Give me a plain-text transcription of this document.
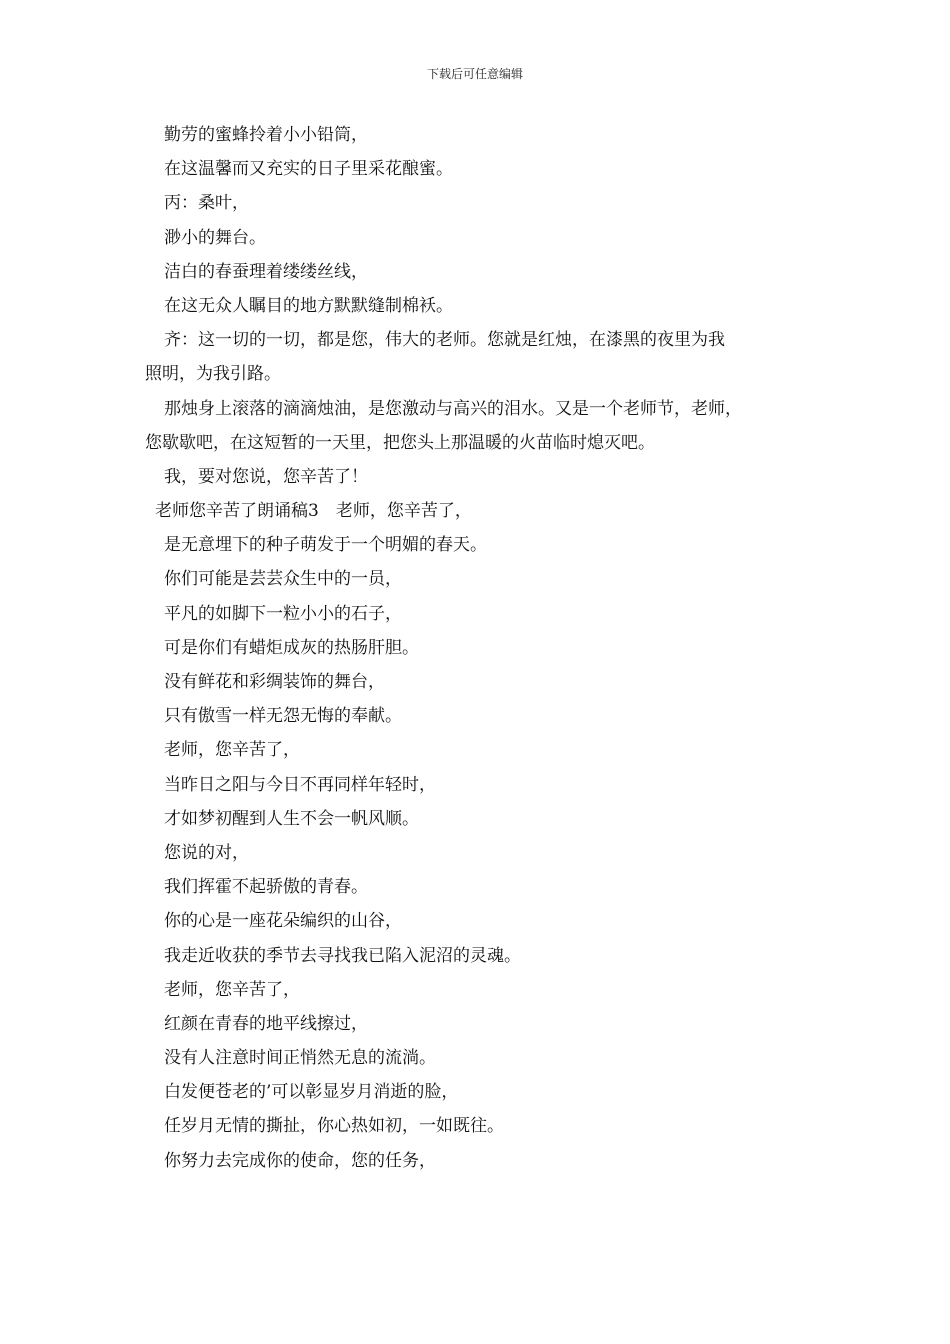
下载后可任意编辑
勤劳的蜜蜂拎着小小铅筒，
在这温馨而又充实的日子里采花酿蜜。
丙：桑叶，
渺小的舞台。
洁白的春蚕理着缕缕丝线，
在这无众人瞩目的地方默默缝制棉袄。
齐：这一切的一切，都是您，伟大的老师。您就是红烛，在漆黑的夜里为我
照明，为我引路。
那烛身上滚落的滴滴烛油，是您激动与高兴的泪水。又是一个老师节，老师，
您歇歇吧，在这短暂的一天里，把您头上那温暖的火苗临时熄灭吧。
我，要对您说，您辛苦了！
老师您辛苦了朗诵稿3　老师，您辛苦了，
是无意埋下的种子萌发于一个明媚的春天。
你们可能是芸芸众生中的一员，
平凡的如脚下一粒小小的石子，
可是你们有蜡炬成灰的热肠肝胆。
没有鲜花和彩绸装饰的舞台，
只有傲雪一样无怨无悔的奉献。
老师，您辛苦了，
当昨日之阳与今日不再同样年轻时，
才如梦初醒到人生不会一帆风顺。
您说的对，
我们挥霍不起骄傲的青春。
你的心是一座花朵编织的山谷，
我走近收获的季节去寻找我已陷入泥沼的灵魂。
老师，您辛苦了，
红颜在青春的地平线擦过，
没有人注意时间正悄然无息的流淌。
白发便苍老的’可以彰显岁月消逝的脸，
任岁月无情的撕扯，你心热如初，一如既往。
你努力去完成你的使命，您的任务，
